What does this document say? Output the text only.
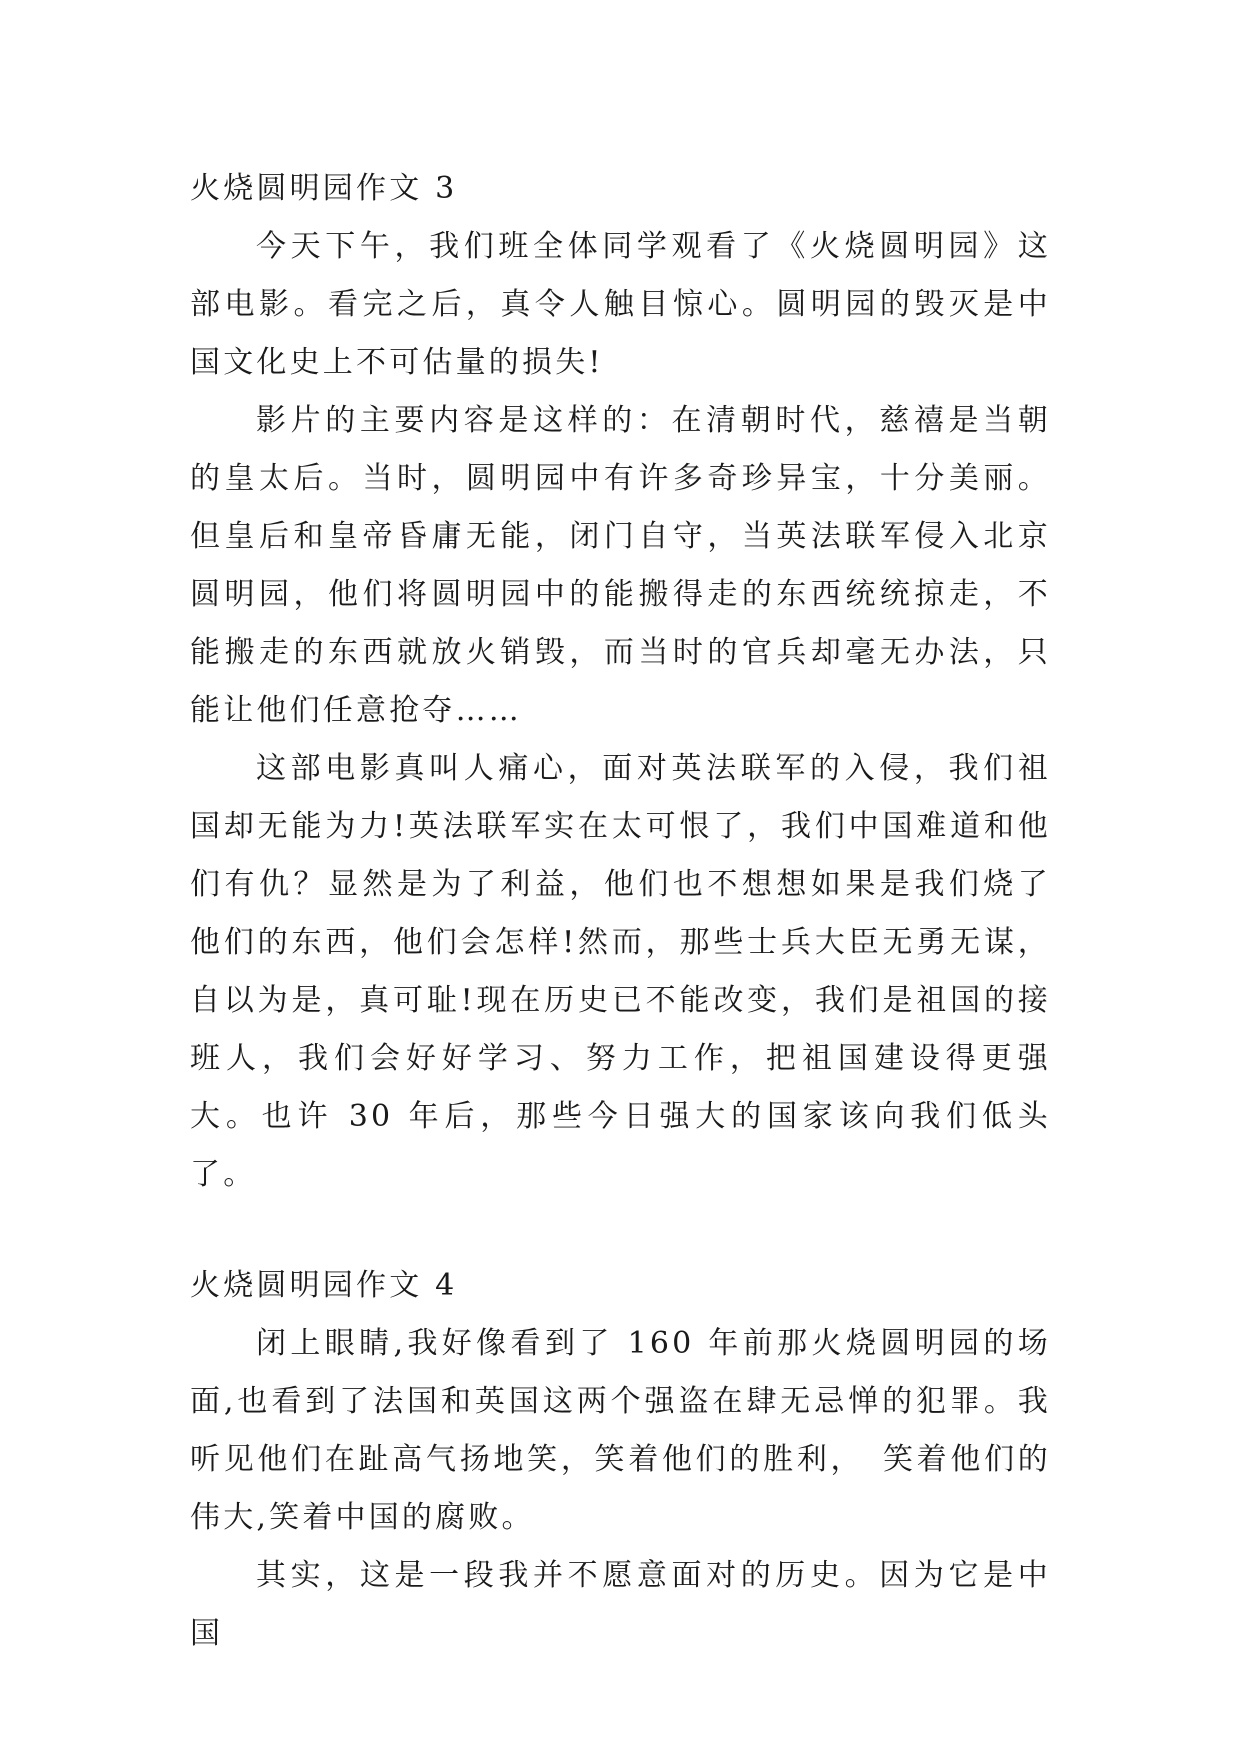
火烧圆明园作文 3

今天下午，我们班全体同学观看了《火烧圆明园》这部电影。看完之后，真令人触目惊心。圆明园的毁灭是中国文化史上不可估量的损失!

影片的主要内容是这样的：在清朝时代，慈禧是当朝的皇太后。当时，圆明园中有许多奇珍异宝，十分美丽。但皇后和皇帝昏庸无能，闭门自守，当英法联军侵入北京圆明园，他们将圆明园中的能搬得走的东西统统掠走，不能搬走的东西就放火销毁，而当时的官兵却毫无办法，只能让他们任意抢夺……

这部电影真叫人痛心，面对英法联军的入侵，我们祖国却无能为力!英法联军实在太可恨了，我们中国难道和他们有仇？显然是为了利益，他们也不想想如果是我们烧了他们的东西，他们会怎样!然而，那些士兵大臣无勇无谋，自以为是，真可耻!现在历史已不能改变，我们是祖国的接班人，我们会好好学习、努力工作，把祖国建设得更强大。也许 30 年后，那些今日强大的国家该向我们低头了。

火烧圆明园作文 4

闭上眼睛,我好像看到了 160 年前那火烧圆明园的场面,也看到了法国和英国这两个强盗在肆无忌惮的犯罪。我听见他们在趾高气扬地笑，笑着他们的胜利，　笑着他们的伟大,笑着中国的腐败。

其实，这是一段我并不愿意面对的历史。因为它是中国
